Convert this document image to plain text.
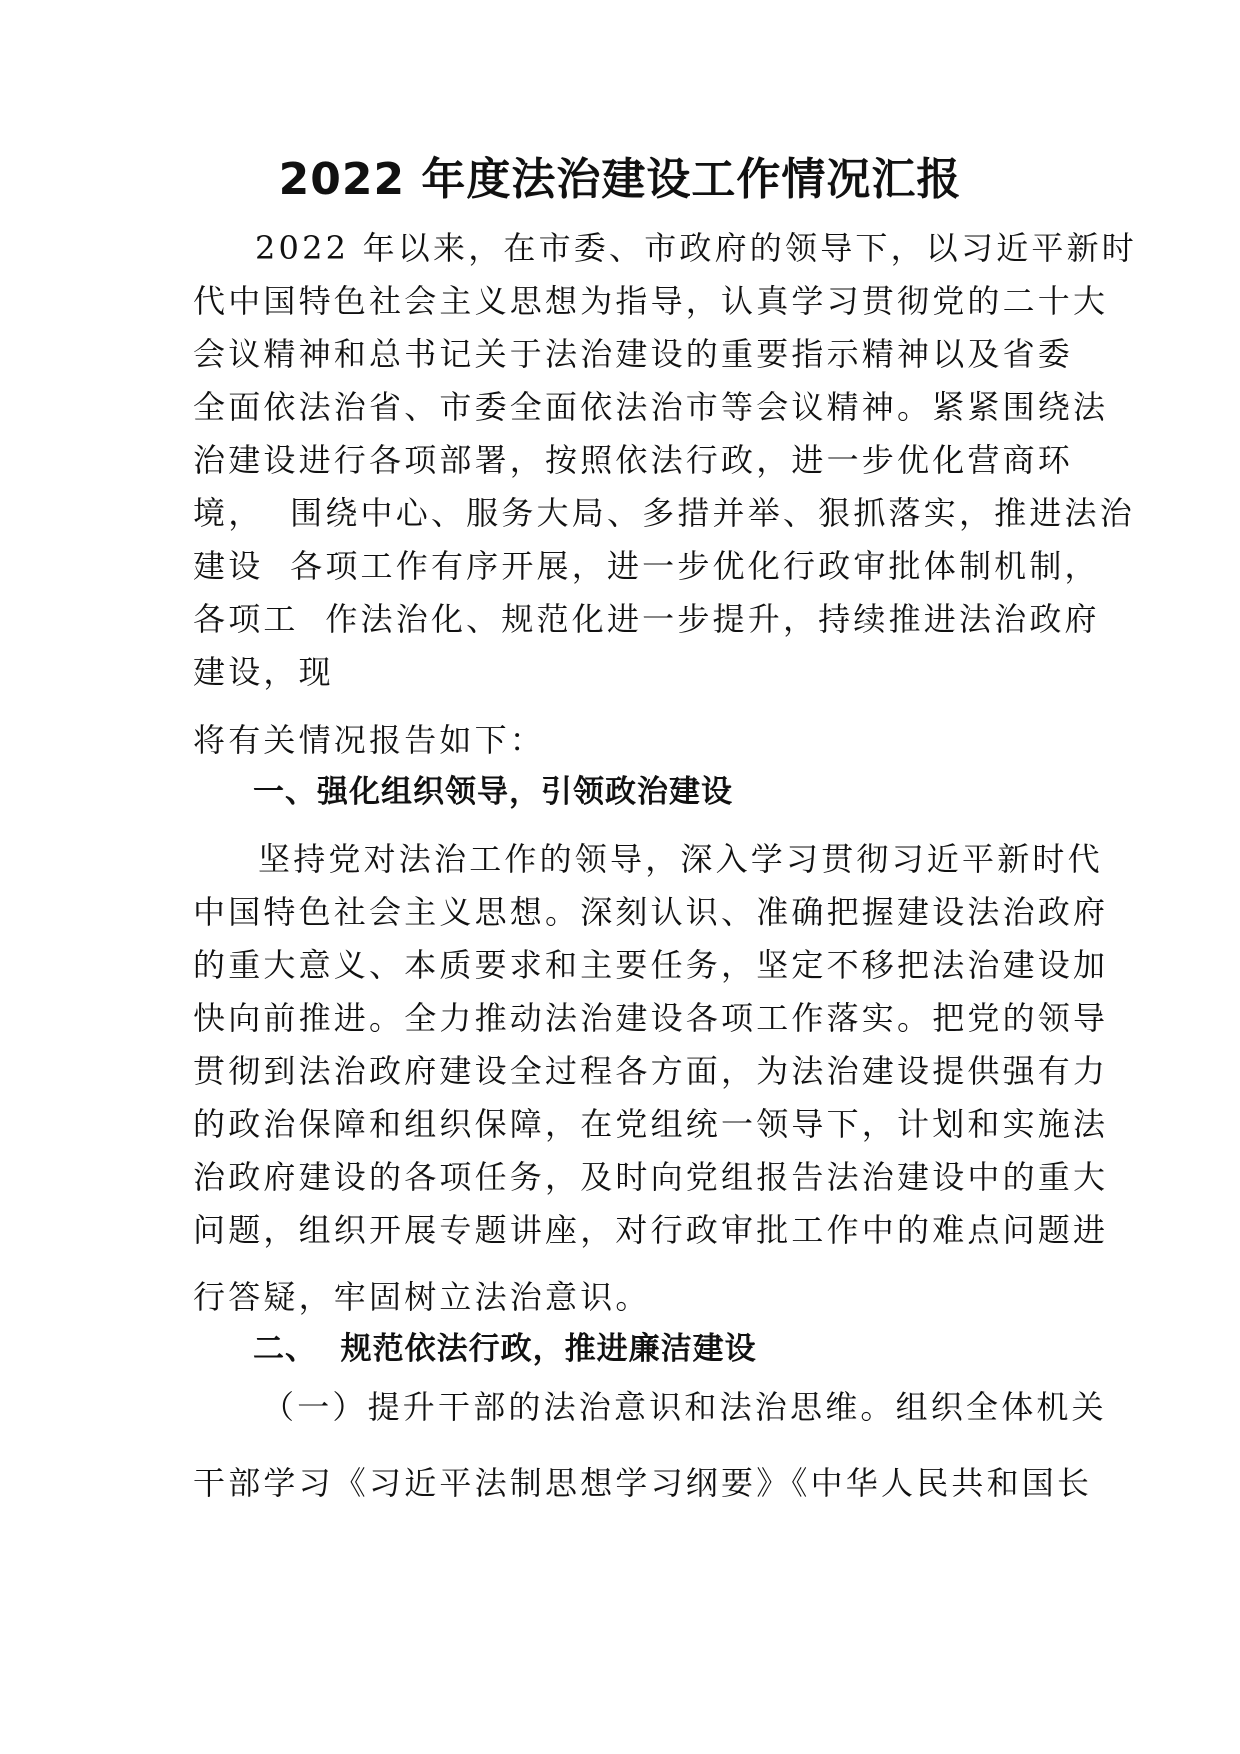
2022 年度法治建设工作情况汇报
2022 年以来，在市委、市政府的领导下，以习近平新时
代中国特色社会主义思想为指导，认真学习贯彻党的二十大
会议精神和总书记关于法治建设的重要指示精神以及省委
全面依法治省、市委全面依法治市等会议精神。紧紧围绕法
治建设进行各项部署，按照依法行政，进一步优化营商环
境，  围绕中心、服务大局、多措并举、狠抓落实，推进法治
建设  各项工作有序开展，进一步优化行政审批体制机制，
各项工  作法治化、规范化进一步提升，持续推进法治政府
建设，现
将有关情况报告如下：
一、强化组织领导，引领政治建设
坚持党对法治工作的领导，深入学习贯彻习近平新时代
中国特色社会主义思想。深刻认识、准确把握建设法治政府
的重大意义、本质要求和主要任务，坚定不移把法治建设加
快向前推进。全力推动法治建设各项工作落实。把党的领导
贯彻到法治政府建设全过程各方面，为法治建设提供强有力
的政治保障和组织保障，在党组统一领导下，计划和实施法
治政府建设的各项任务，及时向党组报告法治建设中的重大
问题，组织开展专题讲座，对行政审批工作中的难点问题进
行答疑，牢固树立法治意识。
二、  规范依法行政，推进廉洁建设
（一）提升干部的法治意识和法治思维。组织全体机关
干部学习《习近平法制思想学习纲要》《中华人民共和国长
